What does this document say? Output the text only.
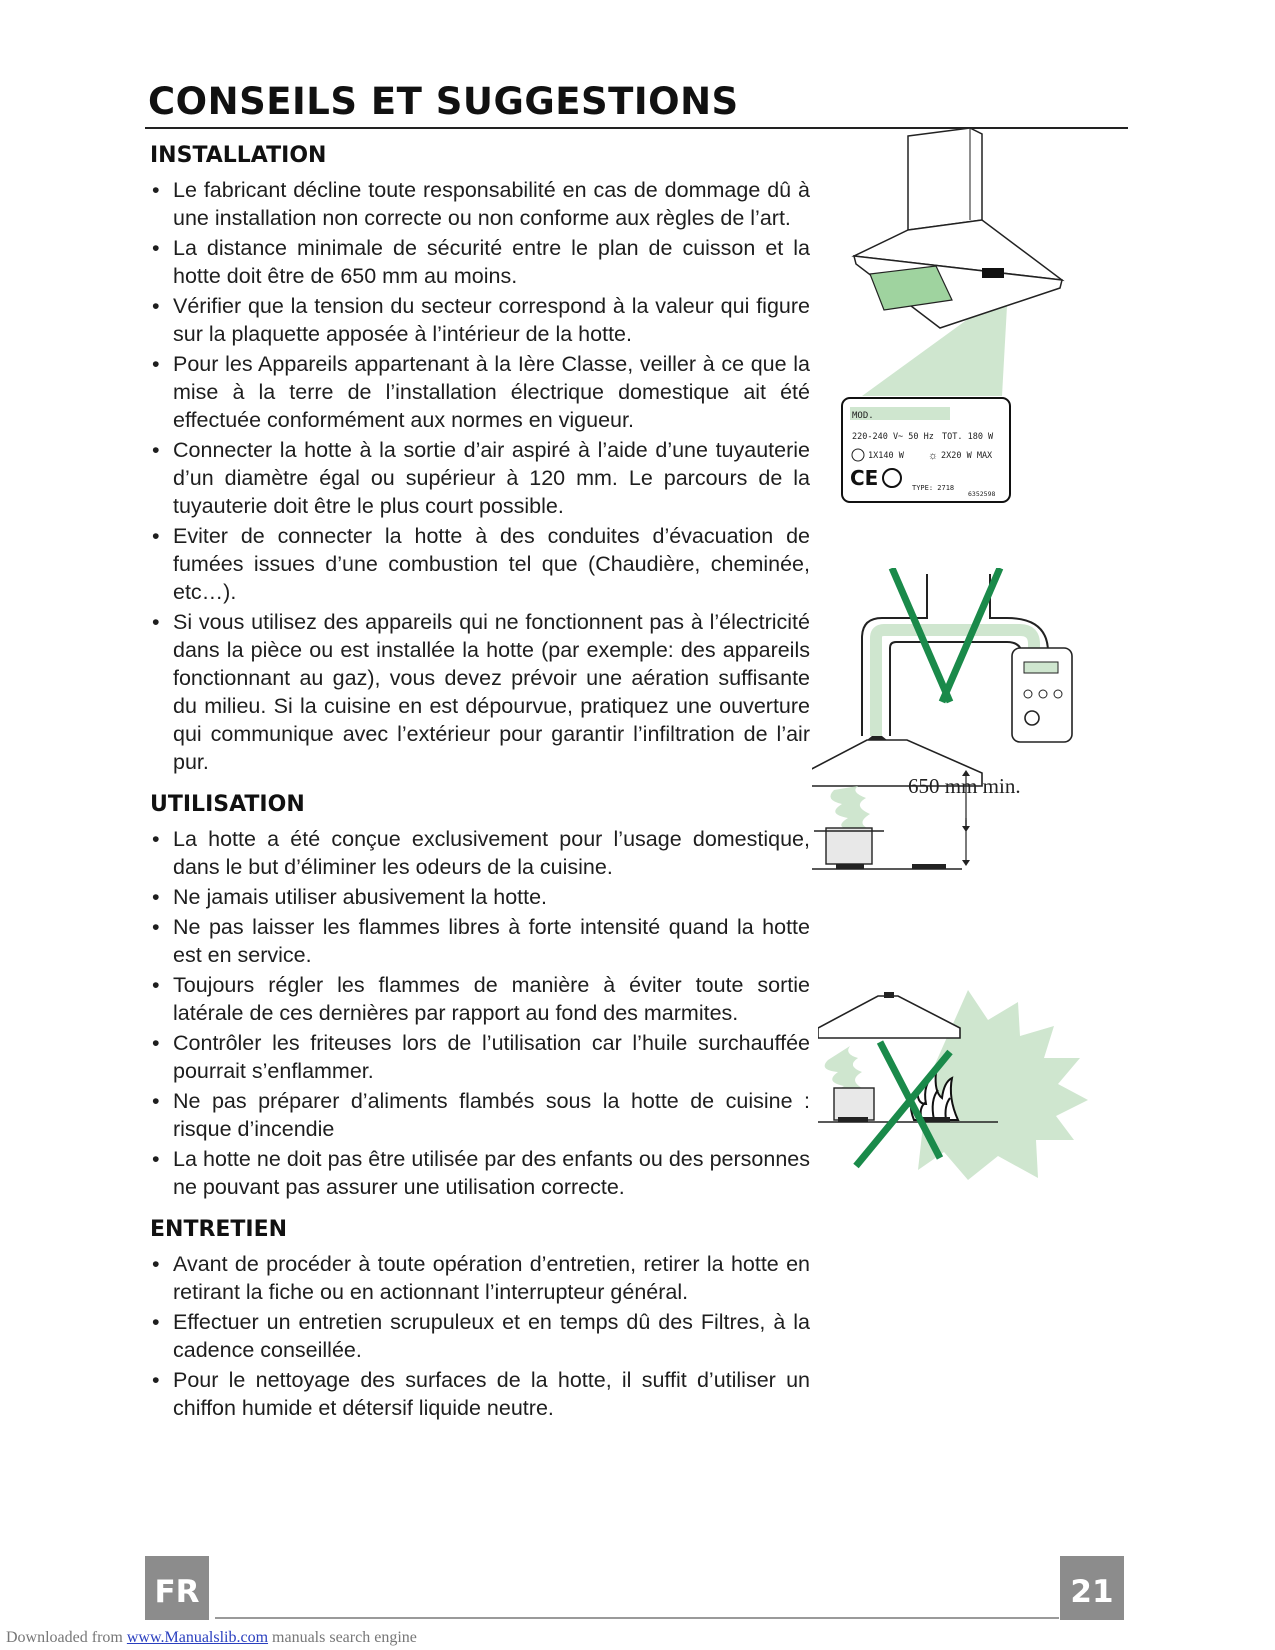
CONSEILS ET SUGGESTIONS
INSTALLATION
• Le fabricant décline toute responsabilité en cas de dommage dû à une installation non correcte ou non conforme aux règles de l’art.
• La distance minimale de sécurité entre le plan de cuisson et la hotte doit être de 650 mm au moins.
• Vérifier que la tension du secteur correspond à la valeur qui figure sur la plaquette apposée à l’intérieur de la hotte.
• Pour les Appareils appartenant à la Ière Classe, veiller à ce que la mise à la terre de l’installation électrique domestique ait été effectuée conformément aux normes en vigueur.
• Connecter la hotte à la sortie d’air aspiré à l’aide d’une tuyauterie d’un diamètre égal ou supérieur à 120 mm. Le parcours de la tuyauterie doit être le plus court possible.
• Eviter de connecter la hotte à des conduites d’évacuation de fumées issues d’une combustion tel que (Chaudière, cheminée, etc…).
• Si vous utilisez des appareils qui ne fonctionnent pas à l’électricité dans la pièce ou est installée la hotte (par exemple: des appareils fonctionnant au gaz), vous devez prévoir une aération suffisante du milieu. Si la cuisine en est dépourvue, pratiquez une ouverture qui communique avec l’extérieur pour garantir l’infiltration de l’air pur.
UTILISATION
• La hotte a été conçue exclusivement pour l’usage domestique, dans le but d’éliminer les odeurs de la cuisine.
• Ne jamais utiliser abusivement la hotte.
• Ne pas laisser les flammes libres à forte intensité quand la hotte est en service.
• Toujours régler les flammes de manière à éviter toute sortie latérale de ces dernières par rapport au fond des marmites.
• Contrôler les friteuses lors de l’utilisation car l’huile surchauffée pourrait s’enflammer.
• Ne pas préparer d’aliments flambés sous la hotte de cuisine : risque d’incendie
• La hotte ne doit pas être utilisée par des enfants ou des personnes ne pouvant pas assurer une utilisation correcte.
ENTRETIEN
• Avant de procéder à toute opération d’entretien, retirer la hotte en retirant la fiche ou en actionnant l’interrupteur général.
• Effectuer un entretien scrupuleux et en temps dû des Filtres, à la cadence conseillée.
• Pour le nettoyage des surfaces de la hotte, il suffit d’utiliser un chiffon humide et détersif liquide neutre.
MOD.
220-240 V~ 50 Hz TOT. 180 W
1X140 W ☼ 2X20 W MAX
CE	TYPE: 2718
6352598
650 mm min.
FR	21
Downloaded from www.Manualslib.com manuals search engine
